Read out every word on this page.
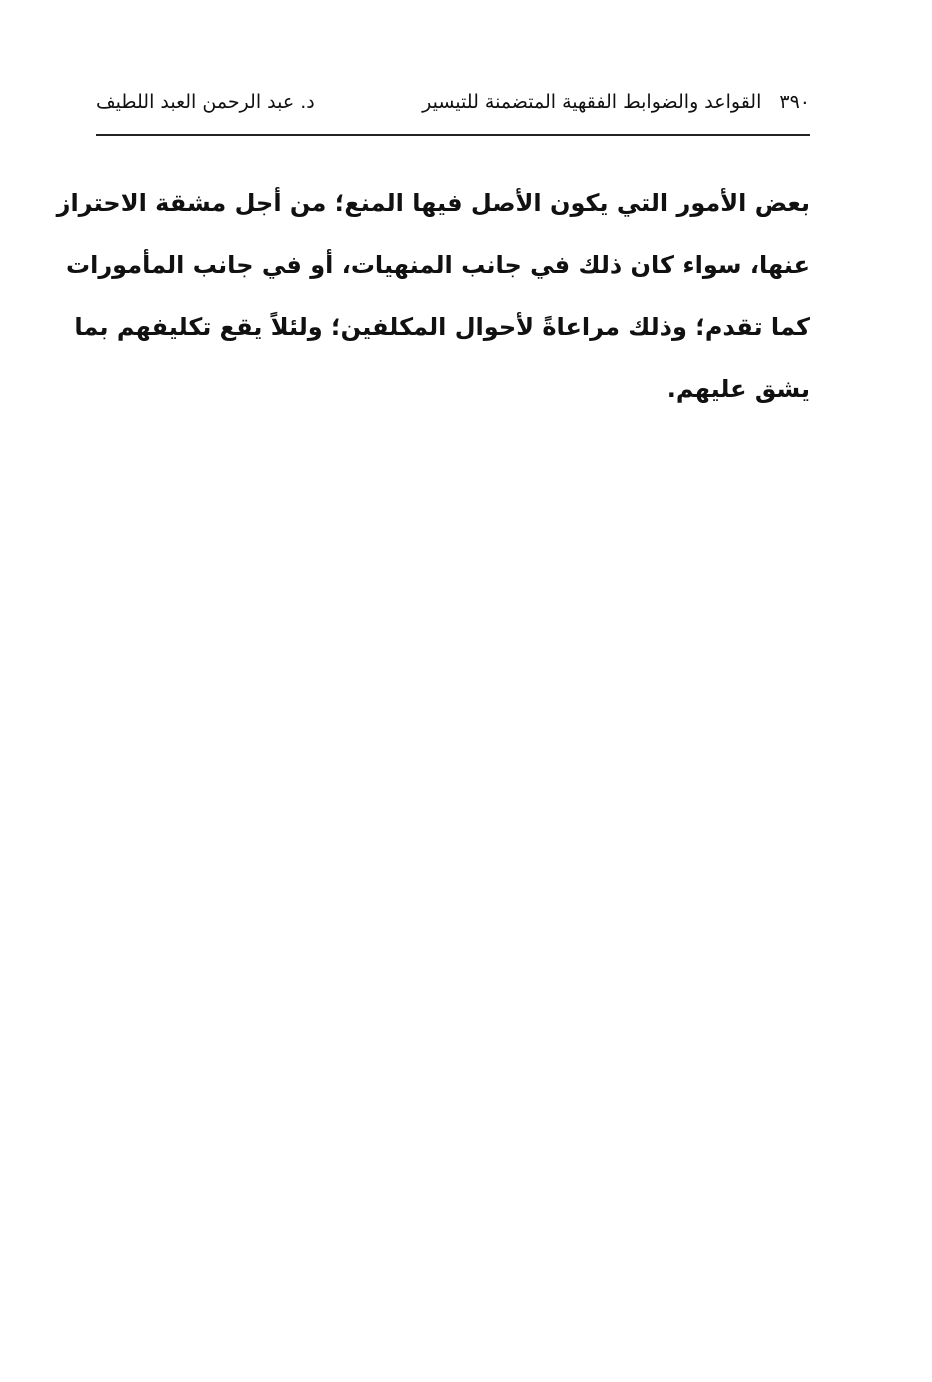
٣٩٠
القواعد والضوابط الفقهية المتضمنة للتيسير
د. عبد الرحمن العبد اللطيف
بعض الأمور التي يكون الأصل فيها المنع؛ من أجل مشقة الاحتراز
عنها، سواء كان ذلك في جانب المنهيات، أو في جانب المأمورات
كما تقدم؛ وذلك مراعاةً لأحوال المكلفين؛ ولئلاً يقع تكليفهم بما
يشق عليهم.
